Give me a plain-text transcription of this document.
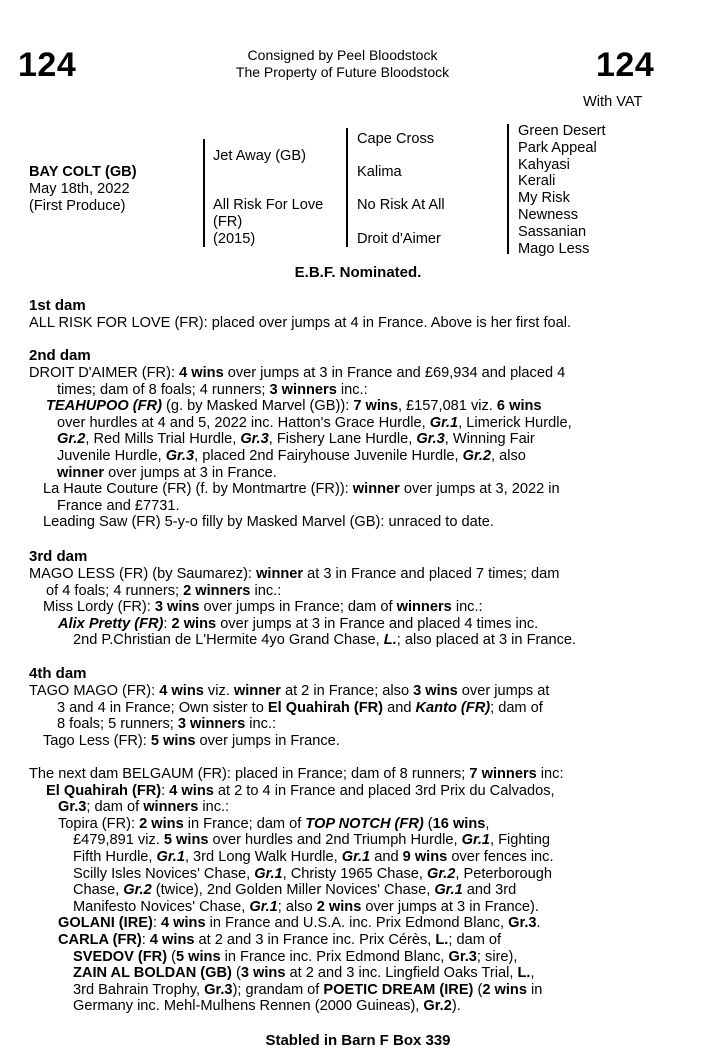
124	124
Consigned by Peel Bloodstock
The Property of Future Bloodstock
With VAT
BAY COLT (GB)
May 18th, 2022
(First Produce)
Jet Away (GB)
All Risk For Love
(FR)
(2015)
Cape Cross
Kalima
No Risk At All
Droit d'Aimer
Green Desert
Park Appeal
Kahyasi
Kerali
My Risk
Newness
Sassanian
Mago Less
E.B.F. Nominated.
1st dam
ALL RISK FOR LOVE (FR): placed over jumps at 4 in France. Above is her first foal.
2nd dam
DROIT D'AIMER (FR): 4 wins over jumps at 3 in France and £69,934 and placed 4
times; dam of 8 foals; 4 runners; 3 winners inc.:
TEAHUPOO (FR) (g. by Masked Marvel (GB)): 7 wins, £157,081 viz. 6 wins
over hurdles at 4 and 5, 2022 inc. Hatton's Grace Hurdle, Gr.1, Limerick Hurdle,
Gr.2, Red Mills Trial Hurdle, Gr.3, Fishery Lane Hurdle, Gr.3, Winning Fair
Juvenile Hurdle, Gr.3, placed 2nd Fairyhouse Juvenile Hurdle, Gr.2, also
winner over jumps at 3 in France.
La Haute Couture (FR) (f. by Montmartre (FR)): winner over jumps at 3, 2022 in
France and £7731.
Leading Saw (FR) 5-y-o filly by Masked Marvel (GB): unraced to date.
3rd dam
MAGO LESS (FR) (by Saumarez): winner at 3 in France and placed 7 times; dam
of 4 foals; 4 runners; 2 winners inc.:
Miss Lordy (FR): 3 wins over jumps in France; dam of winners inc.:
Alix Pretty (FR): 2 wins over jumps at 3 in France and placed 4 times inc.
2nd P.Christian de L'Hermite 4yo Grand Chase, L.; also placed at 3 in France.
4th dam
TAGO MAGO (FR): 4 wins viz. winner at 2 in France; also 3 wins over jumps at
3 and 4 in France; Own sister to El Quahirah (FR) and Kanto (FR); dam of
8 foals; 5 runners; 3 winners inc.:
Tago Less (FR): 5 wins over jumps in France.
The next dam BELGAUM (FR): placed in France; dam of 8 runners; 7 winners inc:
El Quahirah (FR): 4 wins at 2 to 4 in France and placed 3rd Prix du Calvados,
Gr.3; dam of winners inc.:
Topira (FR): 2 wins in France; dam of TOP NOTCH (FR) (16 wins,
£479,891 viz. 5 wins over hurdles and 2nd Triumph Hurdle, Gr.1, Fighting
Fifth Hurdle, Gr.1, 3rd Long Walk Hurdle, Gr.1 and 9 wins over fences inc.
Scilly Isles Novices' Chase, Gr.1, Christy 1965 Chase, Gr.2, Peterborough
Chase, Gr.2 (twice), 2nd Golden Miller Novices' Chase, Gr.1 and 3rd
Manifesto Novices' Chase, Gr.1; also 2 wins over jumps at 3 in France).
GOLANI (IRE): 4 wins in France and U.S.A. inc. Prix Edmond Blanc, Gr.3.
CARLA (FR): 4 wins at 2 and 3 in France inc. Prix Cérès, L.; dam of
SVEDOV (FR) (5 wins in France inc. Prix Edmond Blanc, Gr.3; sire),
ZAIN AL BOLDAN (GB) (3 wins at 2 and 3 inc. Lingfield Oaks Trial, L.,
3rd Bahrain Trophy, Gr.3); grandam of POETIC DREAM (IRE) (2 wins in
Germany inc. Mehl-Mulhens Rennen (2000 Guineas), Gr.2).
Stabled in Barn F Box 339
